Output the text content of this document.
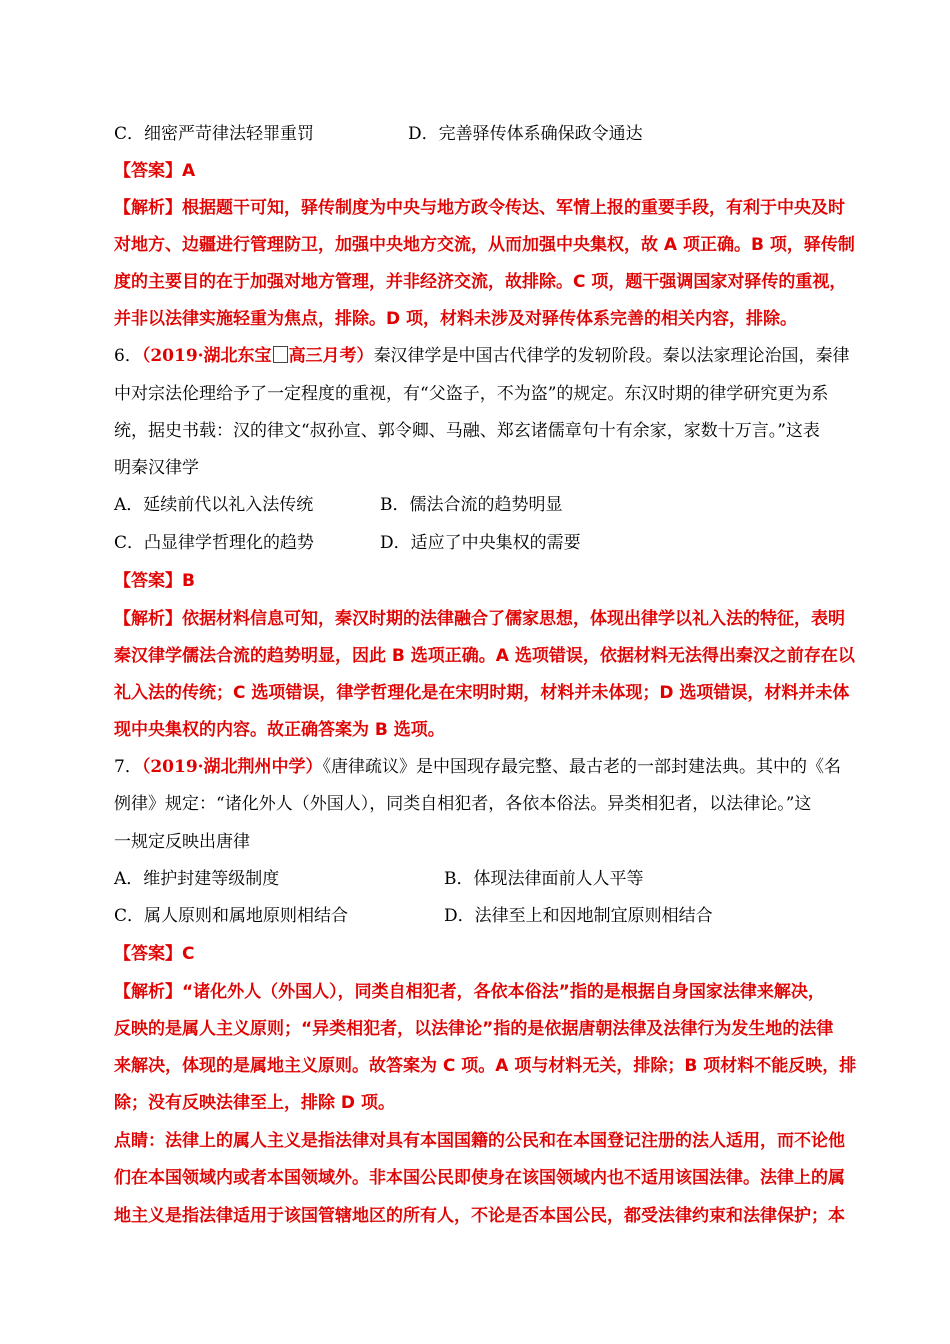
C．细密严苛律法轻罪重罚	D．完善驿传体系确保政令通达
【答案】A
【解析】根据题干可知，驿传制度为中央与地方政令传达、军情上报的重要手段，有利于中央及时
对地方、边疆进行管理防卫，加强中央地方交流，从而加强中央集权，故 A 项正确。B 项，驿传制
度的主要目的在于加强对地方管理，并非经济交流，故排除。C 项，题干强调国家对驿传的重视，
并非以法律实施轻重为焦点，排除。D 项，材料未涉及对驿传体系完善的相关内容，排除。
6．（2019·湖北东宝 高三月考）秦汉律学是中国古代律学的发轫阶段。秦以法家理论治国，秦律
中对宗法伦理给予了一定程度的重视，有“父盗子，不为盗”的规定。东汉时期的律学研究更为系
统，据史书载：汉的律文“叔孙宣、郭令卿、马融、郑玄诸儒章句十有余家，家数十万言。”这表
明秦汉律学
A．延续前代以礼入法传统	B．儒法合流的趋势明显
C．凸显律学哲理化的趋势	D．适应了中央集权的需要
【答案】B
【解析】依据材料信息可知，秦汉时期的法律融合了儒家思想，体现出律学以礼入法的特征，表明
秦汉律学儒法合流的趋势明显，因此 B 选项正确。A 选项错误，依据材料无法得出秦汉之前存在以
礼入法的传统；C 选项错误，律学哲理化是在宋明时期，材料并未体现；D 选项错误，材料并未体
现中央集权的内容。故正确答案为 B 选项。
7．（2019·湖北荆州中学）《唐律疏议》是中国现存最完整、最古老的一部封建法典。其中的《名
例律》规定：“诸化外人（外国人），同类自相犯者，各依本俗法。异类相犯者，以法律论。”这
一规定反映出唐律
A．维护封建等级制度	B．体现法律面前人人平等
C．属人原则和属地原则相结合	D．法律至上和因地制宜原则相结合
【答案】C
【解析】“诸化外人（外国人），同类自相犯者，各依本俗法”指的是根据自身国家法律来解决，
反映的是属人主义原则；“异类相犯者，以法律论”指的是依据唐朝法律及法律行为发生地的法律
来解决，体现的是属地主义原则。故答案为 C 项。A 项与材料无关，排除；B 项材料不能反映，排
除；没有反映法律至上，排除 D 项。
点睛：法律上的属人主义是指法律对具有本国国籍的公民和在本国登记注册的法人适用，而不论他
们在本国领域内或者本国领域外。非本国公民即使身在该国领域内也不适用该国法律。法律上的属
地主义是指法律适用于该国管辖地区的所有人，不论是否本国公民，都受法律约束和法律保护；本
